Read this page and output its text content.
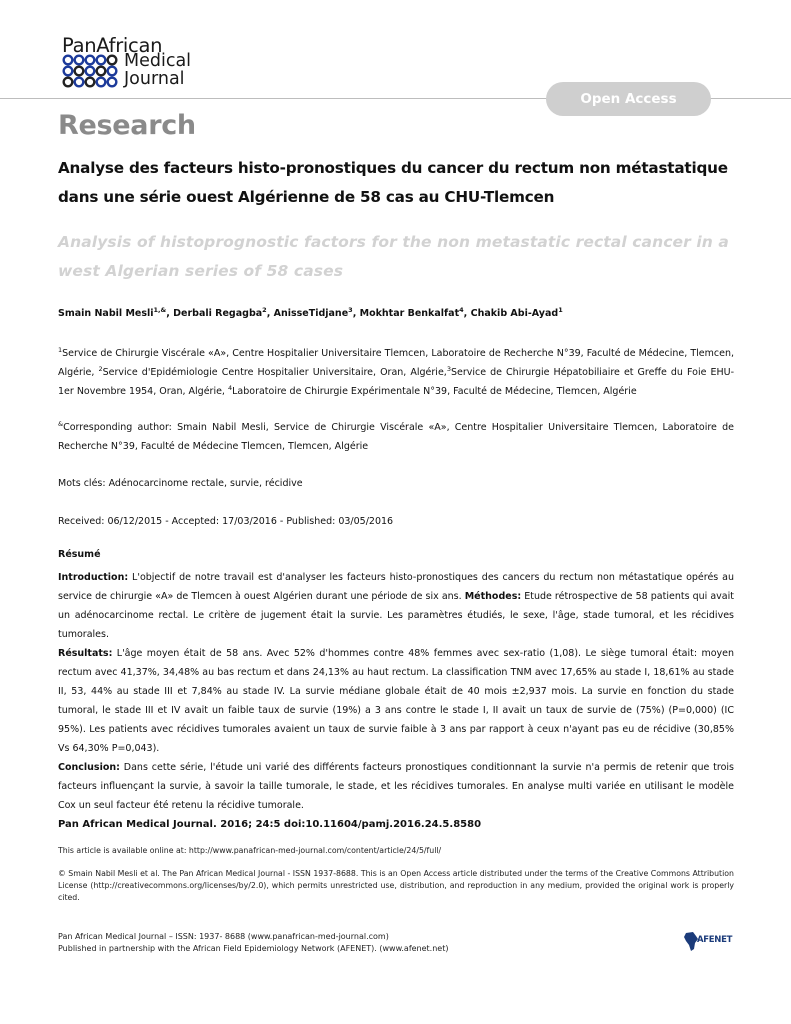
PanAfrican
Medical
Journal
Open Access
Research
Analyse des facteurs histo-pronostiques du cancer du rectum non métastatique dans une série ouest Algérienne de 58 cas au CHU-Tlemcen
Analysis of histoprognostic factors for the non metastatic rectal cancer in a west Algerian series of 58 cases
Smain Nabil Mesli$^{1,\&}$, Derbali Regagba$^2$, AnisseTidjane$^3$, Mokhtar Benkalfat$^4$, Chakib Abi-Ayad$^1$
$^1$Service de Chirurgie Viscérale «A», Centre Hospitalier Universitaire Tlemcen, Laboratoire de Recherche N°39, Faculté de Médecine, Tlemcen, Algérie, $^2$Service d'Epidémiologie Centre Hospitalier Universitaire, Oran, Algérie,$^3$Service de Chirurgie Hépatobiliaire et Greffe du Foie EHU- 1er Novembre 1954, Oran, Algérie, $^4$Laboratoire de Chirurgie Expérimentale N°39, Faculté de Médecine, Tlemcen, Algérie
&Corresponding author: Smain Nabil Mesli, Service de Chirurgie Viscérale «A», Centre Hospitalier Universitaire Tlemcen, Laboratoire de Recherche N°39, Faculté de Médecine Tlemcen, Tlemcen, Algérie
Mots clés: Adénocarcinome rectale, survie, récidive
Received: 06/12/2015 - Accepted: 17/03/2016 - Published: 03/05/2016
Résumé
Introduction: L'objectif de notre travail est d'analyser les facteurs histo-pronostiques des cancers du rectum non métastatique opérés au service de chirurgie «A» de Tlemcen à ouest Algérien durant une période de six ans. Méthodes: Etude rétrospective de 58 patients qui avait un adénocarcinome rectal. Le critère de jugement était la survie. Les paramètres étudiés, le sexe, l'âge, stade tumoral, et les récidives tumorales.
Résultats: L'âge moyen était de 58 ans. Avec 52% d'hommes contre 48% femmes avec sex-ratio (1,08). Le siège tumoral était: moyen rectum avec 41,37%, 34,48% au bas rectum et dans 24,13% au haut rectum. La classification TNM avec 17,65% au stade I, 18,61% au stade II, 53, 44% au stade III et 7,84% au stade IV. La survie médiane globale était de 40 mois ±2,937 mois. La survie en fonction du stade tumoral, le stade III et IV avait un faible taux de survie (19%) a 3 ans contre le stade I, II avait un taux de survie de (75%) (P=0,000) (IC 95%). Les patients avec récidives tumorales avaient un taux de survie faible à 3 ans par rapport à ceux n'ayant pas eu de récidive (30,85% Vs 64,30% P=0,043).
Conclusion: Dans cette série, l'étude uni varié des différents facteurs pronostiques conditionnant la survie n'a permis de retenir que trois facteurs influençant la survie, à savoir la taille tumorale, le stade, et les récidives tumorales. En analyse multi variée en utilisant le modèle Cox un seul facteur été retenu la récidive tumorale.
Pan African Medical Journal. 2016; 24:5 doi:10.11604/pamj.2016.24.5.8580
This article is available online at: http://www.panafrican-med-journal.com/content/article/24/5/full/
© Smain Nabil Mesli et al. The Pan African Medical Journal - ISSN 1937-8688. This is an Open Access article distributed under the terms of the Creative Commons Attribution License (http://creativecommons.org/licenses/by/2.0), which permits unrestricted use, distribution, and reproduction in any medium, provided the original work is properly cited.
Pan African Medical Journal – ISSN: 1937- 8688 (www.panafrican-med-journal.com)
Published in partnership with the African Field Epidemiology Network (AFENET). (www.afenet.net)
AFENET
